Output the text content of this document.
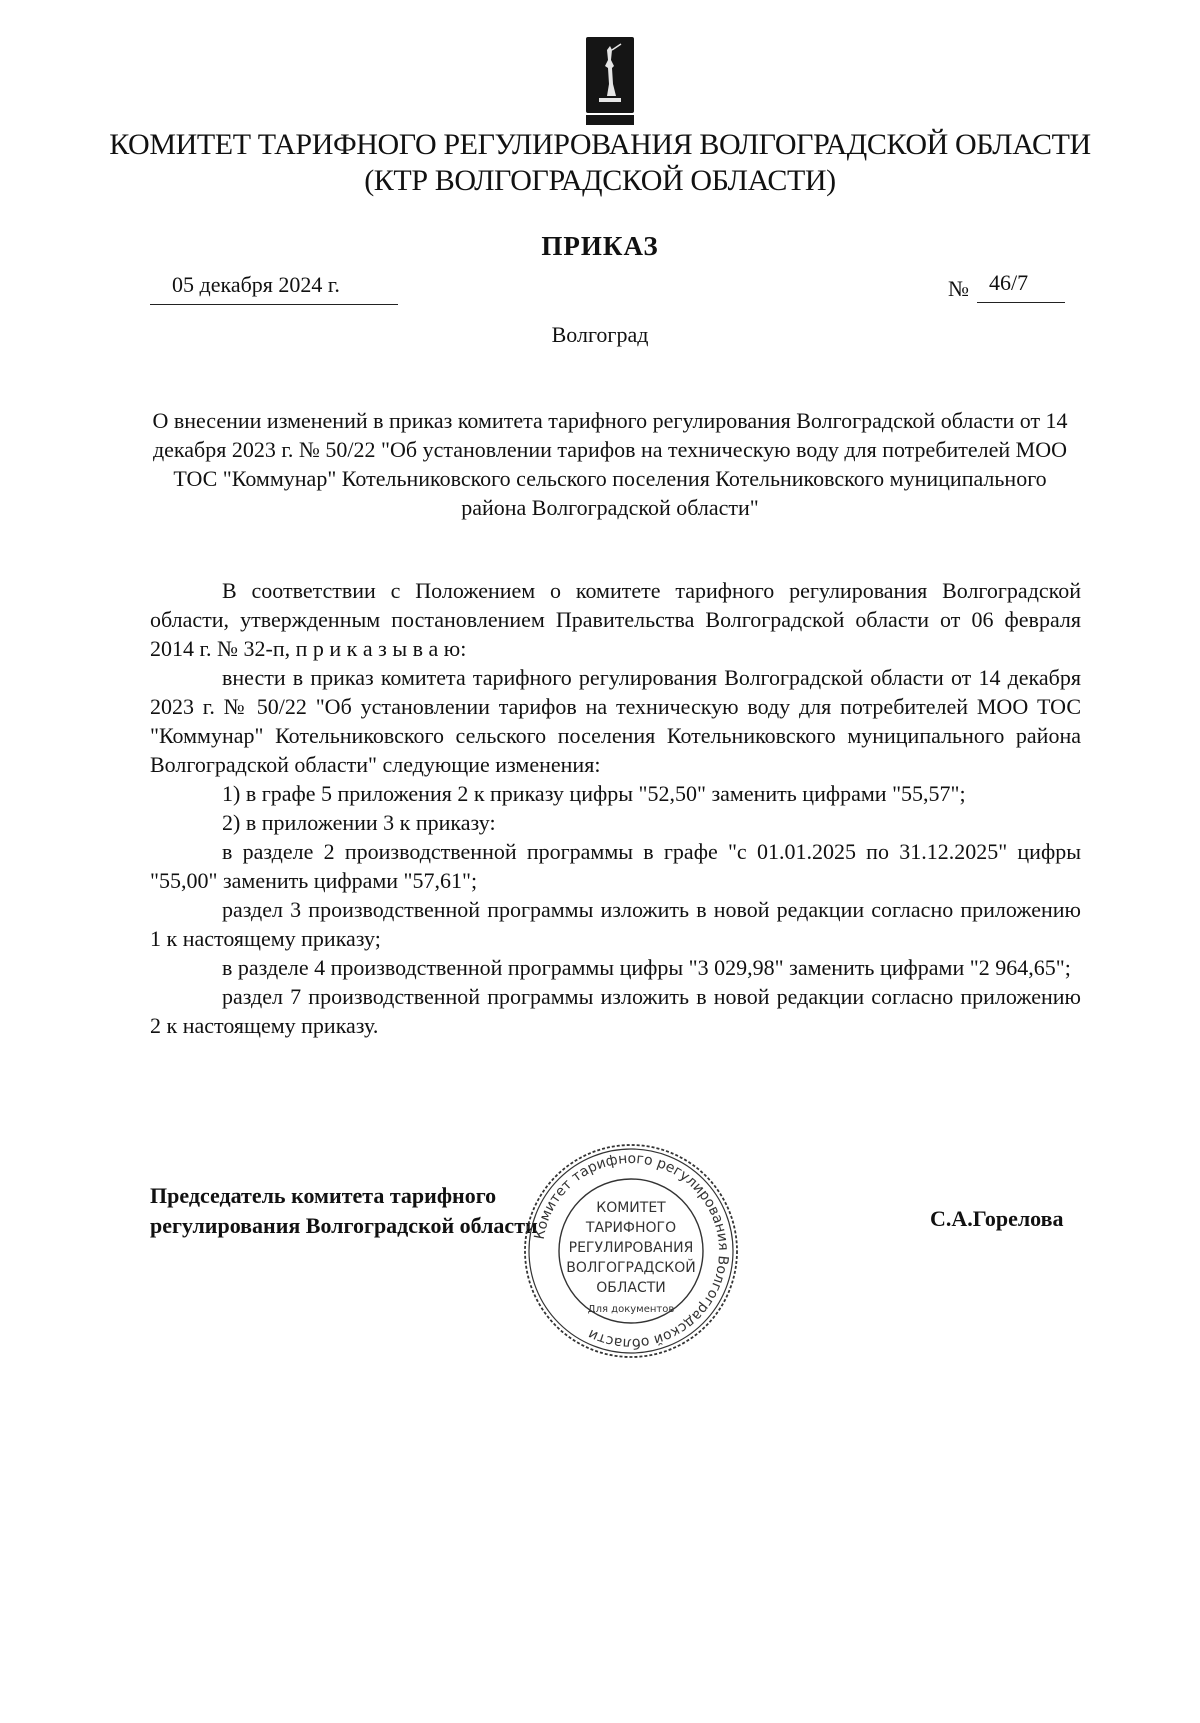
КОМИТЕТ ТАРИФНОГО РЕГУЛИРОВАНИЯ ВОЛГОГРАДСКОЙ ОБЛАСТИ
(КТР ВОЛГОГРАДСКОЙ ОБЛАСТИ)
ПРИКАЗ
05 декабря 2024 г.	№ 46/7
Волгоград
О внесении изменений в приказ комитета тарифного регулирования Волгоградской области от 14 декабря 2023 г. № 50/22 "Об установлении тарифов на техническую воду для потребителей МОО ТОС "Коммунар" Котельниковского сельского поселения Котельниковского муниципального района Волгоградской области"

В соответствии с Положением о комитете тарифного регулирования Волгоградской области, утвержденным постановлением Правительства Волгоградской области от 06 февраля 2014 г. № 32-п, п р и к а з ы в а ю:

внести в приказ комитета тарифного регулирования Волгоградской области от 14 декабря 2023 г. № 50/22 "Об установлении тарифов на техническую воду для потребителей МОО ТОС "Коммунар" Котельниковского сельского поселения Котельниковского муниципального района Волгоградской области" следующие изменения:

1) в графе 5 приложения 2 к приказу цифры "52,50" заменить цифрами "55,57";

2) в приложении 3 к приказу:

в разделе 2 производственной программы в графе "с 01.01.2025 по 31.12.2025" цифры "55,00" заменить цифрами "57,61";

раздел 3 производственной программы изложить в новой редакции согласно приложению 1 к настоящему приказу;

в разделе 4 производственной программы цифры "3 029,98" заменить цифрами "2 964,65";

раздел 7 производственной программы изложить в новой редакции согласно приложению 2 к настоящему приказу.

Председатель комитета тарифного
регулирования Волгоградской области	С.А.Горелова
Комитет тарифного регулирования Волгоградской области
КОМИТЕТ
ТАРИФНОГО
РЕГУЛИРОВАНИЯ
ВОЛГОГРАДСКОЙ
ОБЛАСТИ
Для документов
